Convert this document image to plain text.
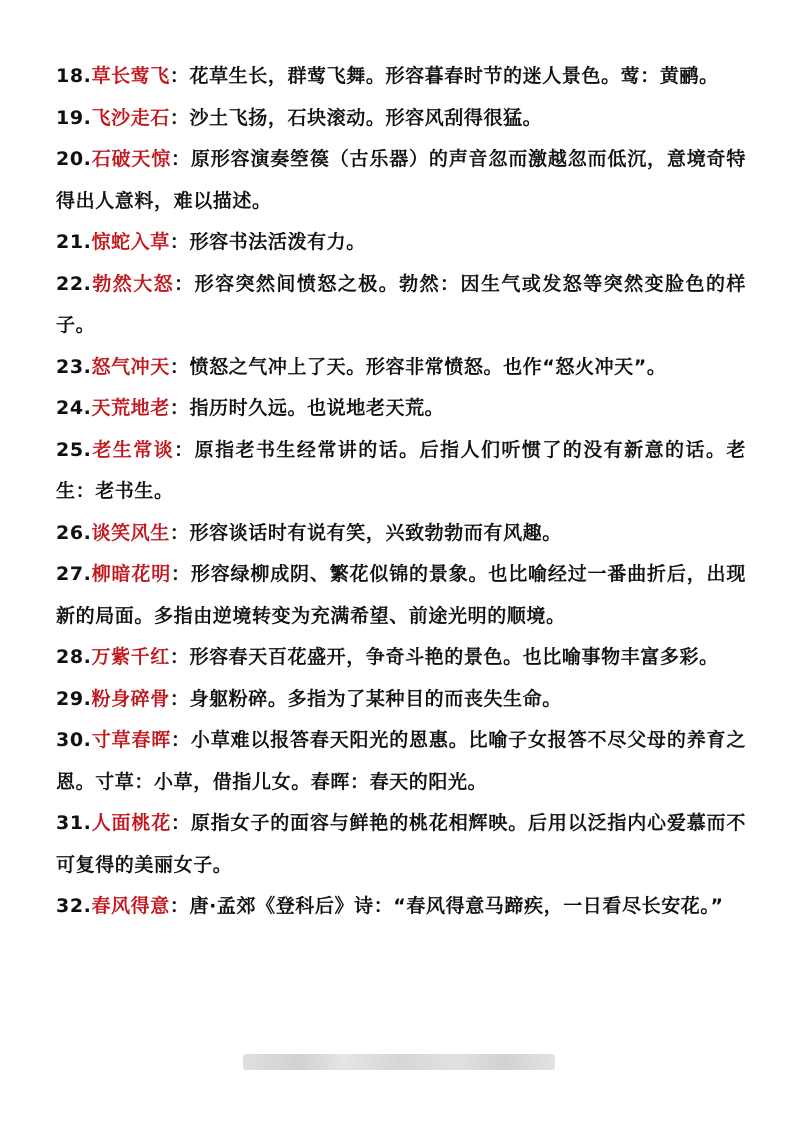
18.草长莺飞：花草生长，群莺飞舞。形容暮春时节的迷人景色。莺：黄鹂。

19.飞沙走石：沙土飞扬，石块滚动。形容风刮得很猛。

20.石破天惊：原形容演奏箜篌（古乐器）的声音忽而激越忽而低沉，意境奇特得出人意料，难以描述。

21.惊蛇入草：形容书法活泼有力。

22.勃然大怒：形容突然间愤怒之极。勃然：因生气或发怒等突然变脸色的样子。

23.怒气冲天：愤怒之气冲上了天。形容非常愤怒。也作“怒火冲天”。

24.天荒地老：指历时久远。也说地老天荒。

25.老生常谈：原指老书生经常讲的话。后指人们听惯了的没有新意的话。老生：老书生。

26.谈笑风生：形容谈话时有说有笑，兴致勃勃而有风趣。

27.柳暗花明：形容绿柳成阴、繁花似锦的景象。也比喻经过一番曲折后，出现新的局面。多指由逆境转变为充满希望、前途光明的顺境。

28.万紫千红：形容春天百花盛开，争奇斗艳的景色。也比喻事物丰富多彩。

29.粉身碎骨：身躯粉碎。多指为了某种目的而丧失生命。

30.寸草春晖：小草难以报答春天阳光的恩惠。比喻子女报答不尽父母的养育之恩。寸草：小草，借指儿女。春晖：春天的阳光。

31.人面桃花：原指女子的面容与鲜艳的桃花相辉映。后用以泛指内心爱慕而不可复得的美丽女子。

32.春风得意：唐·孟郊《登科后》诗：“春风得意马蹄疾，一日看尽长安花。”
